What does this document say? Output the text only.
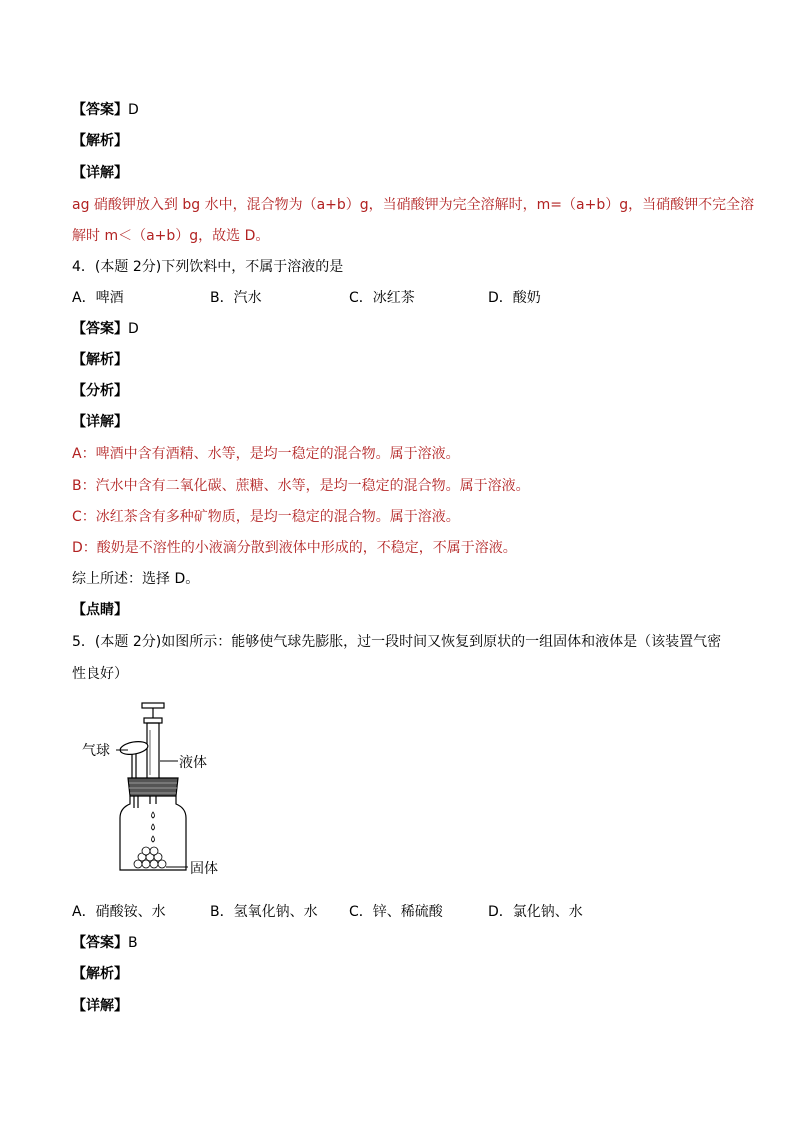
【答案】D
【解析】
【详解】
ag 硝酸钾放入到 bg 水中，混合物为（a+b）g，当硝酸钾为完全溶解时，m=（a+b）g，当硝酸钾不完全溶
解时 m＜（a+b）g，故选 D。
4．(本题 2分)下列饮料中，不属于溶液的是
A．啤酒	B．汽水	C．冰红茶	D．酸奶
【答案】D
【解析】
【分析】
【详解】
A：啤酒中含有酒精、水等，是均一稳定的混合物。属于溶液。
B：汽水中含有二氧化碳、蔗糖、水等，是均一稳定的混合物。属于溶液。
C：冰红茶含有多种矿物质，是均一稳定的混合物。属于溶液。
D：酸奶是不溶性的小液滴分散到液体中形成的，不稳定，不属于溶液。
综上所述：选择 D。
【点睛】
5．(本题 2分)如图所示：能够使气球先膨胀，过一段时间又恢复到原状的一组固体和液体是（该装置气密
性良好）
气球
液体
固体
A．硝酸铵、水	B．氢氧化钠、水 C．锌、稀硫酸	D．氯化钠、水
【答案】B
【解析】
【详解】
